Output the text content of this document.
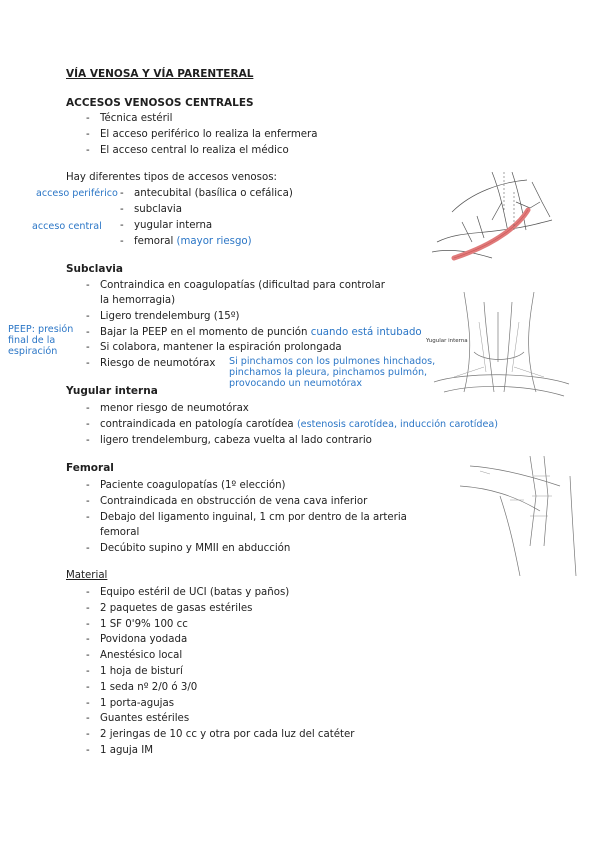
VÍA VENOSA Y VÍA PARENTERAL
ACCESOS VENOSOS CENTRALES
- Técnica estéril
- El acceso periférico lo realiza la enfermera
- El acceso central lo realiza el médico
Hay diferentes tipos de accesos venosos:
acceso periférico - antecubital (basílica o cefálica)
- subclavia
acceso central - yugular interna
- femoral (mayor riesgo)
Subclavia
- Contraindica en coagulopatías (dificultad para controlar
la hemorragia)
- Ligero trendelemburg (15º)
PEEP: presión
final de la
espiración
- Bajar la PEEP en el momento de punción cuando está intubado
- Si colabora, mantener la espiración prolongada
- Riesgo de neumotórax Si pinchamos con los pulmones hinchados,
pinchamos la pleura, pinchamos pulmón,
provocando un neumotórax
Yugular interna
Yugular interna
- menor riesgo de neumotórax
- contraindicada en patología carotídea (estenosis carotídea, inducción carotídea)
- ligero trendelemburg, cabeza vuelta al lado contrario
Femoral
- Paciente coagulopatías (1º elección)
- Contraindicada en obstrucción de vena cava inferior
- Debajo del ligamento inguinal, 1 cm por dentro de la arteria
femoral
- Decúbito supino y MMII en abducción
Material
- Equipo estéril de UCI (batas y paños)
- 2 paquetes de gasas estériles
- 1 SF 0'9% 100 cc
- Povidona yodada
- Anestésico local
- 1 hoja de bisturí
- 1 seda nº 2/0 ó 3/0
- 1 porta-agujas
- Guantes estériles
- 2 jeringas de 10 cc y otra por cada luz del catéter
- 1 aguja IM
